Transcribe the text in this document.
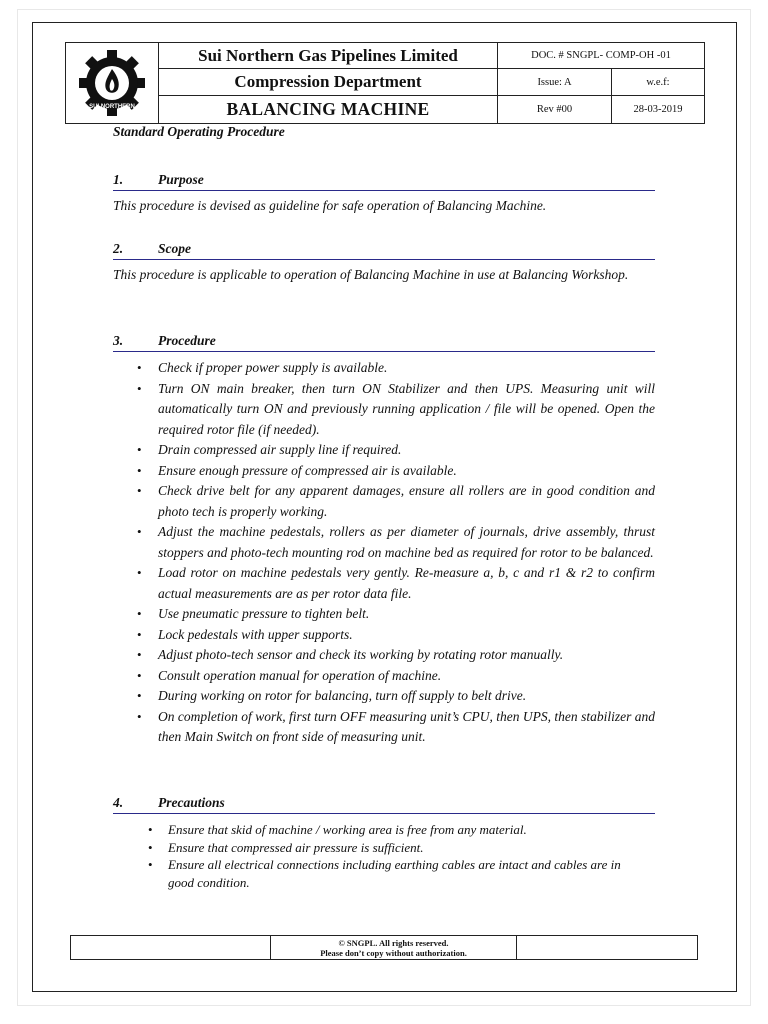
SUI NORTHERN	Sui Northern Gas Pipelines Limited	DOC. # SNGPL- COMP-OH -01	
	Compression Department	Issue: A	w.e.f:
	BALANCING MACHINE	Rev #00	28-03-2019
Standard Operating Procedure
1.	Purpose
This procedure is devised as guideline for safe operation of Balancing Machine.
2.	Scope
This procedure is applicable to operation of Balancing Machine in use at Balancing Workshop.
3.	Procedure
• Check if proper power supply is available.
• Turn ON main breaker, then turn ON Stabilizer and then UPS. Measuring unit will automatically turn ON and previously running application / file will be opened. Open the required rotor file (if needed).
• Drain compressed air supply line if required.
• Ensure enough pressure of compressed air is available.
• Check drive belt for any apparent damages, ensure all rollers are in good condition and photo tech is properly working.
• Adjust the machine pedestals, rollers as per diameter of journals, drive assembly, thrust stoppers and photo-tech mounting rod on machine bed as required for rotor to be balanced.
• Load rotor on machine pedestals very gently. Re-measure a, b, c and r1 & r2 to confirm actual measurements are as per rotor data file.
• Use pneumatic pressure to tighten belt.
• Lock pedestals with upper supports.
• Adjust photo-tech sensor and check its working by rotating rotor manually.
• Consult operation manual for operation of machine.
• During working on rotor for balancing, turn off supply to belt drive.
• On completion of work, first turn OFF measuring unit’s CPU, then UPS, then stabilizer and then Main Switch on front side of measuring unit.
4.	Precautions
• Ensure that skid of machine / working area is free from any material.
• Ensure that compressed air pressure is sufficient.
• Ensure all electrical connections including earthing cables are intact and cables are in good condition.

© SNGPL. All rights reserved.
Please don’t copy without authorization.
